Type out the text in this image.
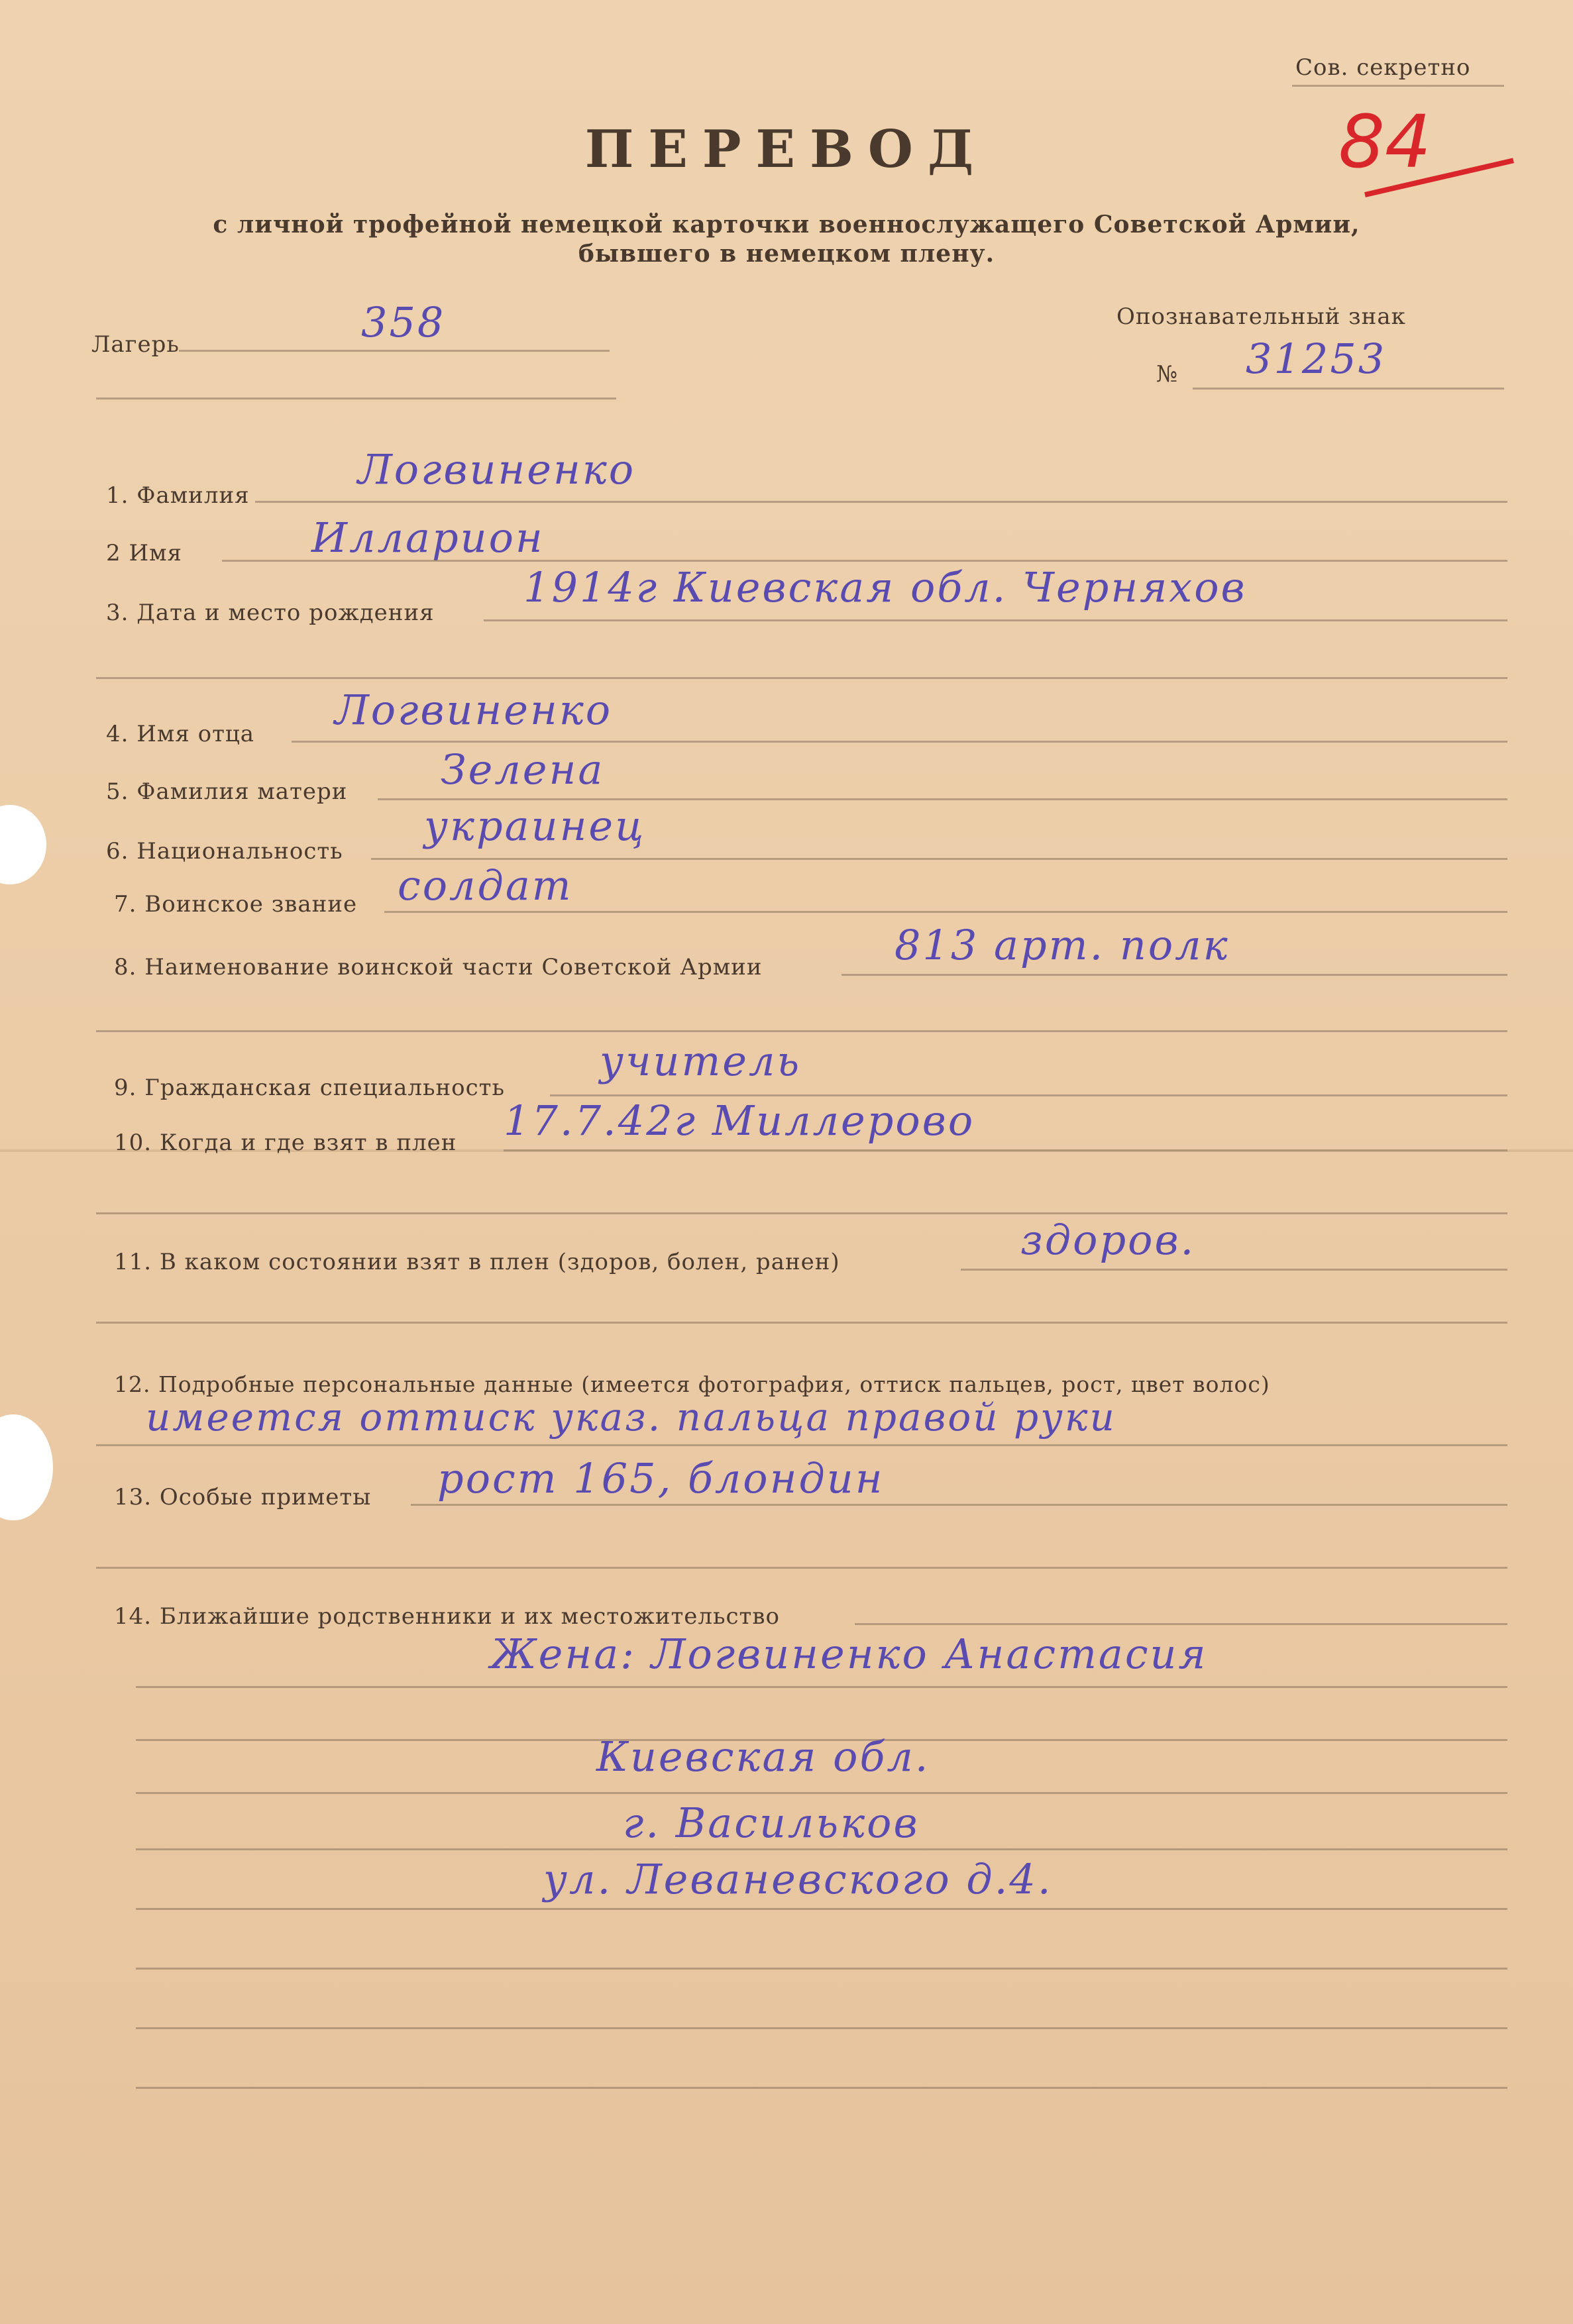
Сов. секретно
84
ПЕРЕВОД
с личной трофейной немецкой карточки военнослужащего Советской Армии,
бывшего в немецком плену.
Лагерь	358	Опознавательный знак
№ 31253
1. Фамилия
Логвиненко
2 Имя	Илларион
3. Дата и место рождения
1914г Киевская обл. Черняхов
4. Имя отца Логвиненко
5. Фамилия матери Зелена
6. Национальность
украинец
7. Воинское звание солдат
8. Наименование воинской части Советской Армии	813 арт. полк
9. Гражданская специальность
учитель
10. Когда и где взят в плен 17.7.42г Миллерово
11. В каком состоянии взят в плен (здоров, болен, ранен)	здоров.
12. Подробные персональные данные (имеется фотография, оттиск пальцев, рост, цвет волос)
имеется оттиск указ. пальца правой руки
13. Особые приметы рост 165, блондин
14. Ближайшие родственники и их местожительство
Жена: Логвиненко Анастасия
Киевская обл.
г. Васильков
ул. Леваневского д.4.
